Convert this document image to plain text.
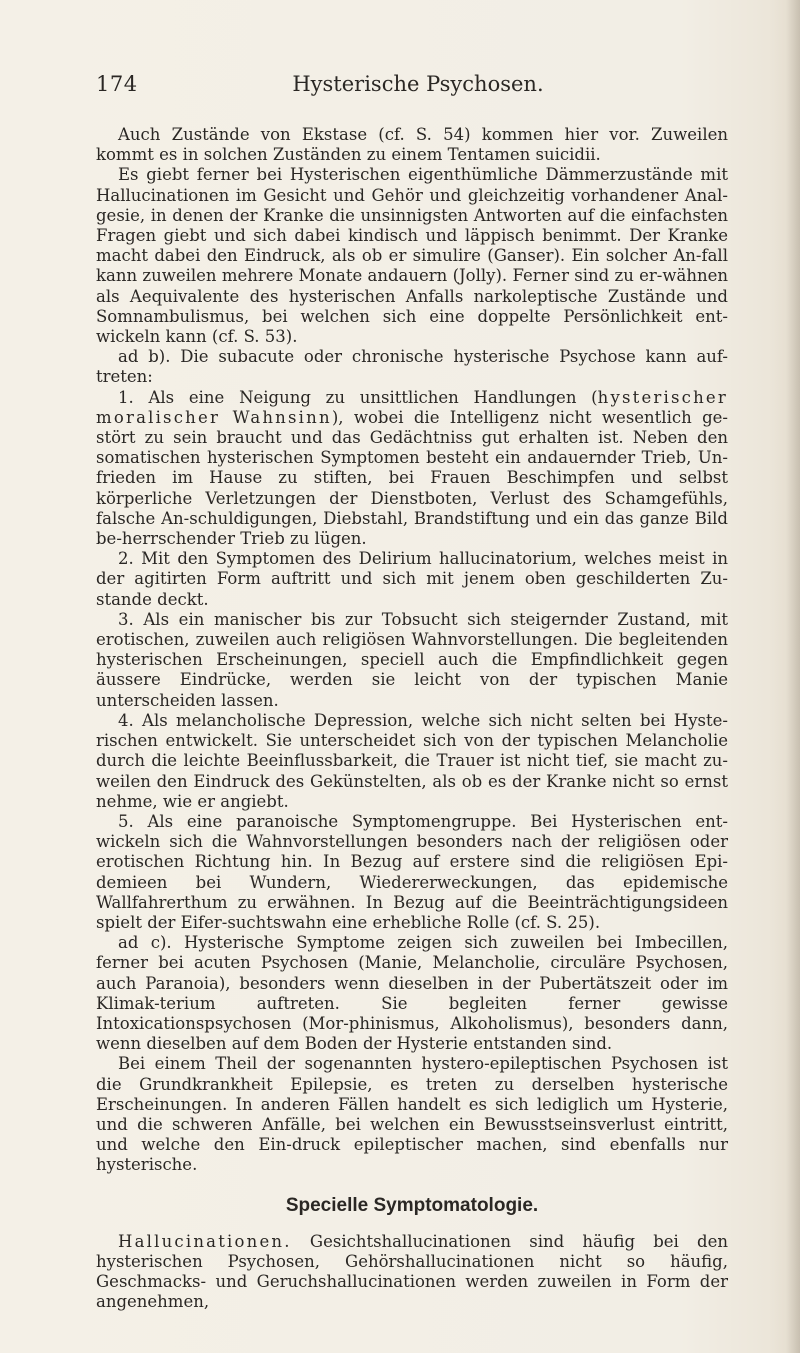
Hysterische Psychosen.
174

Auch Zustände von Ekstase (cf. S. 54) kommen hier vor. Zuweilen kommt es in solchen Zuständen zu einem Tentamen suicidii.

Es giebt ferner bei Hysterischen eigenthümliche Dämmerzustände mit Hallucinationen im Gesicht und Gehör und gleichzeitig vorhandener Anal-gesie, in denen der Kranke die unsinnigsten Antworten auf die einfachsten Fragen giebt und sich dabei kindisch und läppisch benimmt. Der Kranke macht dabei den Eindruck, als ob er simulire (Ganser). Ein solcher An-fall kann zuweilen mehrere Monate andauern (Jolly). Ferner sind zu er-wähnen als Aequivalente des hysterischen Anfalls narkoleptische Zustände und Somnambulismus, bei welchen sich eine doppelte Persönlichkeit ent-wickeln kann (cf. S. 53).

ad b). Die subacute oder chronische hysterische Psychose kann auf-treten:

1. Als eine Neigung zu unsittlichen Handlungen (hysterischer moralischer Wahnsinn), wobei die Intelligenz nicht wesentlich ge-stört zu sein braucht und das Gedächtniss gut erhalten ist. Neben den somatischen hysterischen Symptomen besteht ein andauernder Trieb, Un-frieden im Hause zu stiften, bei Frauen Beschimpfen und selbst körperliche Verletzungen der Dienstboten, Verlust des Schamgefühls, falsche An-schuldigungen, Diebstahl, Brandstiftung und ein das ganze Bild be-herrschender Trieb zu lügen.

2. Mit den Symptomen des Delirium hallucinatorium, welches meist in der agitirten Form auftritt und sich mit jenem oben geschilderten Zu-stande deckt.

3. Als ein manischer bis zur Tobsucht sich steigernder Zustand, mit erotischen, zuweilen auch religiösen Wahnvorstellungen. Die begleitenden hysterischen Erscheinungen, speciell auch die Empfindlichkeit gegen äussere Eindrücke, werden sie leicht von der typischen Manie unterscheiden lassen.

4. Als melancholische Depression, welche sich nicht selten bei Hyste-rischen entwickelt. Sie unterscheidet sich von der typischen Melancholie durch die leichte Beeinflussbarkeit, die Trauer ist nicht tief, sie macht zu-weilen den Eindruck des Gekünstelten, als ob es der Kranke nicht so ernst nehme, wie er angiebt.

5. Als eine paranoische Symptomengruppe. Bei Hysterischen ent-wickeln sich die Wahnvorstellungen besonders nach der religiösen oder erotischen Richtung hin. In Bezug auf erstere sind die religiösen Epi-demieen bei Wundern, Wiedererweckungen, das epidemische Wallfahrerthum zu erwähnen. In Bezug auf die Beeinträchtigungsideen spielt der Eifer-suchtswahn eine erhebliche Rolle (cf. S. 25).

ad c). Hysterische Symptome zeigen sich zuweilen bei Imbecillen, ferner bei acuten Psychosen (Manie, Melancholie, circuläre Psychosen, auch Paranoia), besonders wenn dieselben in der Pubertätszeit oder im Klimak-terium auftreten. Sie begleiten ferner gewisse Intoxicationspsychosen (Mor-phinismus, Alkoholismus), besonders dann, wenn dieselben auf dem Boden der Hysterie entstanden sind.

Bei einem Theil der sogenannten hystero-epileptischen Psychosen ist die Grundkrankheit Epilepsie, es treten zu derselben hysterische Erscheinungen. In anderen Fällen handelt es sich lediglich um Hysterie, und die schweren Anfälle, bei welchen ein Bewusstseinsverlust eintritt, und welche den Ein-druck epileptischer machen, sind ebenfalls nur hysterische.

Specielle Symptomatologie.

Hallucinationen. Gesichtshallucinationen sind häufig bei den hysterischen Psychosen, Gehörshallucinationen nicht so häufig, Geschmacks- und Geruchshallucinationen werden zuweilen in Form der angenehmen,
